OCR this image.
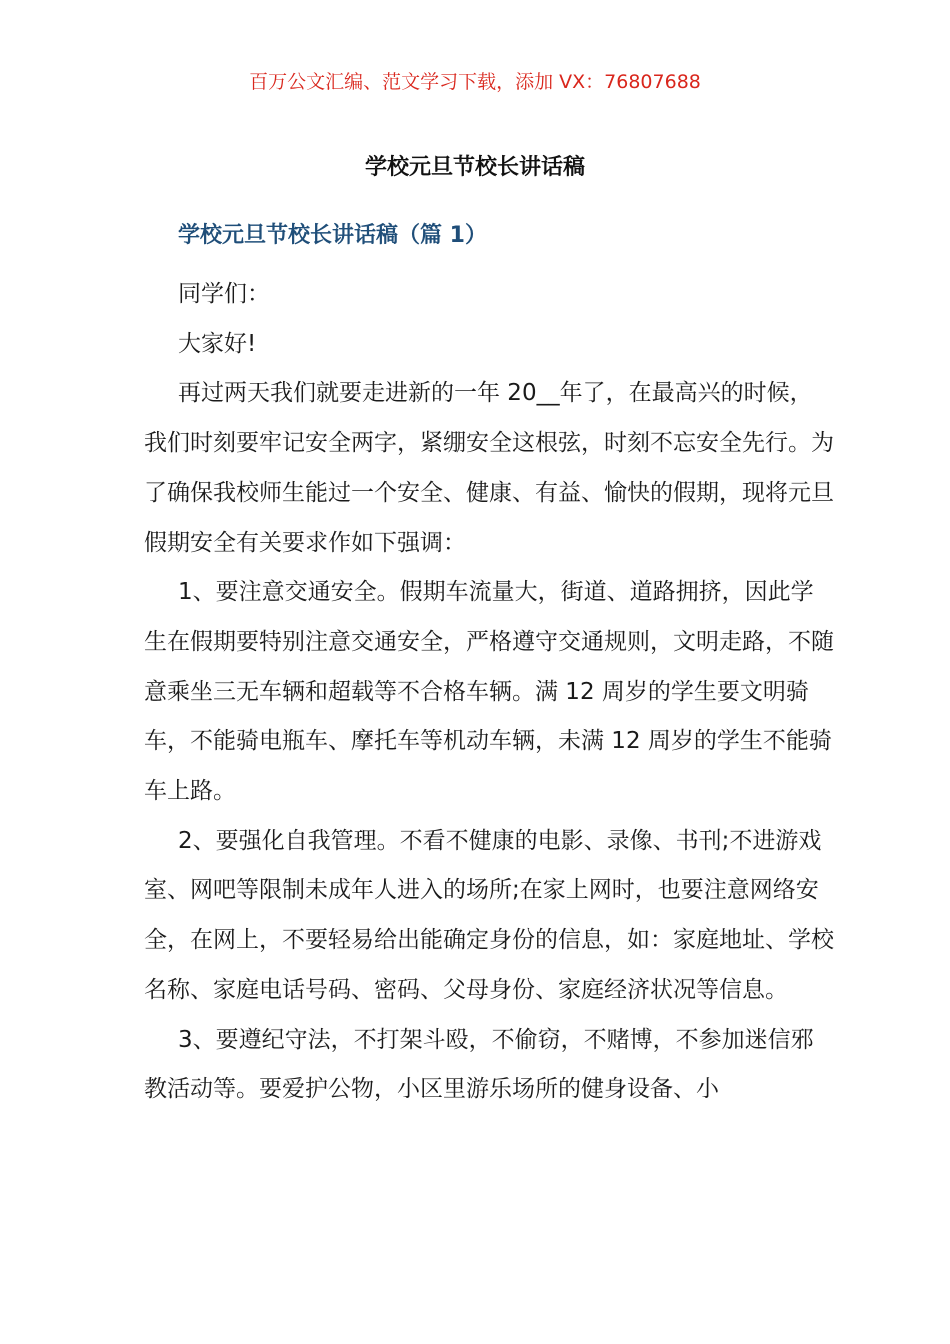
百万公文汇编、范文学习下载，添加 VX：76807688
学校元旦节校长讲话稿
学校元旦节校长讲话稿（篇 1）

同学们：

大家好!

再过两天我们就要走进新的一年 20__年了，在最高兴的时候，我们时刻要牢记安全两字，紧绷安全这根弦，时刻不忘安全先行。为了确保我校师生能过一个安全、健康、有益、愉快的假期，现将元旦假期安全有关要求作如下强调：

1、要注意交通安全。假期车流量大，街道、道路拥挤，因此学生在假期要特别注意交通安全，严格遵守交通规则，文明走路，不随意乘坐三无车辆和超载等不合格车辆。满 12 周岁的学生要文明骑车，不能骑电瓶车、摩托车等机动车辆，未满 12 周岁的学生不能骑车上路。

2、要强化自我管理。不看不健康的电影、录像、书刊;不进游戏室、网吧等限制未成年人进入的场所;在家上网时，也要注意网络安全，在网上，不要轻易给出能确定身份的信息，如：家庭地址、学校名称、家庭电话号码、密码、父母身份、家庭经济状况等信息。

3、要遵纪守法，不打架斗殴，不偷窃，不赌博，不参加迷信邪教活动等。要爱护公物，小区里游乐场所的健身设备、小
